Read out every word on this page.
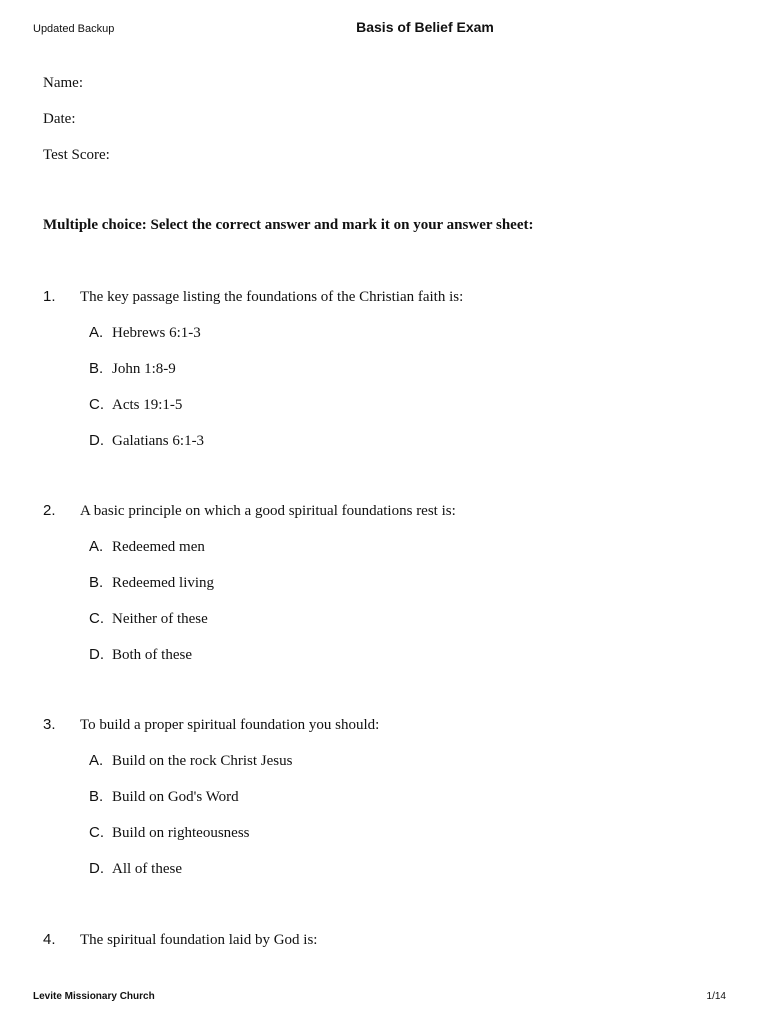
Updated Backup	Basis of Belief Exam
Name:
Date:
Test Score:
Multiple choice: Select the correct answer and mark it on your answer sheet:
1. The key passage listing the foundations of the Christian faith is:
A. Hebrews 6:1-3
B. John 1:8-9
C. Acts 19:1-5
D. Galatians 6:1-3
2. A basic principle on which a good spiritual foundations rest is:
A. Redeemed men
B. Redeemed living
C. Neither of these
D. Both of these
3. To build a proper spiritual foundation you should:
A. Build on the rock Christ Jesus
B. Build on God's Word
C. Build on righteousness
D. All of these
4. The spiritual foundation laid by God is:
Levite Missionary Church	1/14
